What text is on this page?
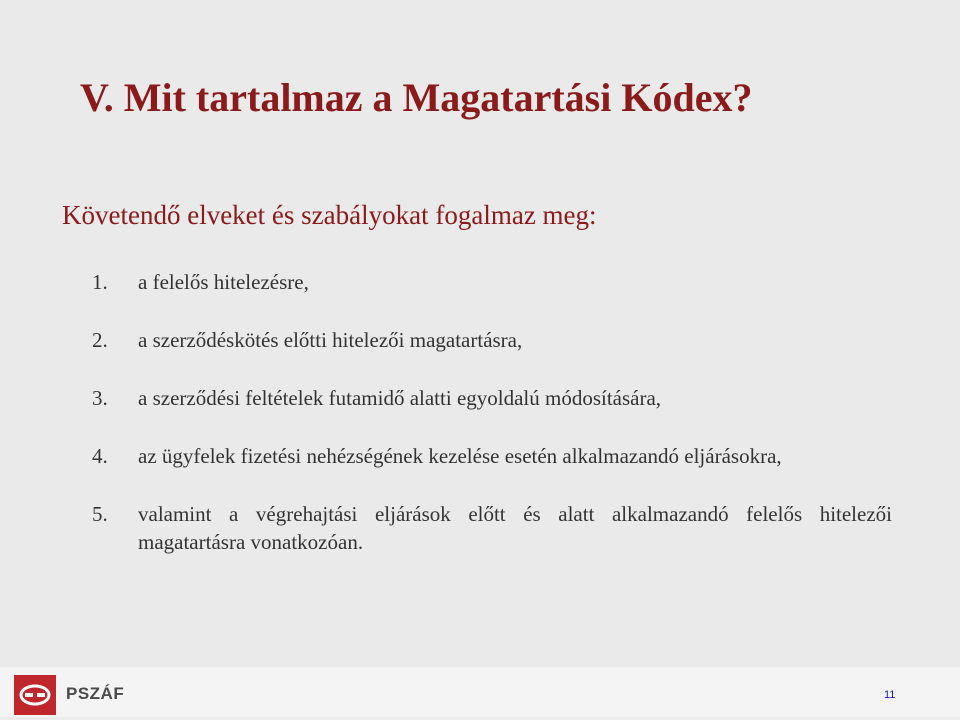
V. Mit tartalmaz a Magatartási Kódex?
Követendő elveket és szabályokat fogalmaz meg:
1. a felelős hitelezésre,
2. a szerződéskötés előtti hitelezői magatartásra,
3. a szerződési feltételek futamidő alatti egyoldalú módosítására,
4. az ügyfelek fizetési nehézségének kezelése esetén alkalmazandó eljárásokra,
5. valamint a végrehajtási eljárások előtt és alatt alkalmazandó felelős hitelezői magatartásra vonatkozóan.
PSZÁF	11
